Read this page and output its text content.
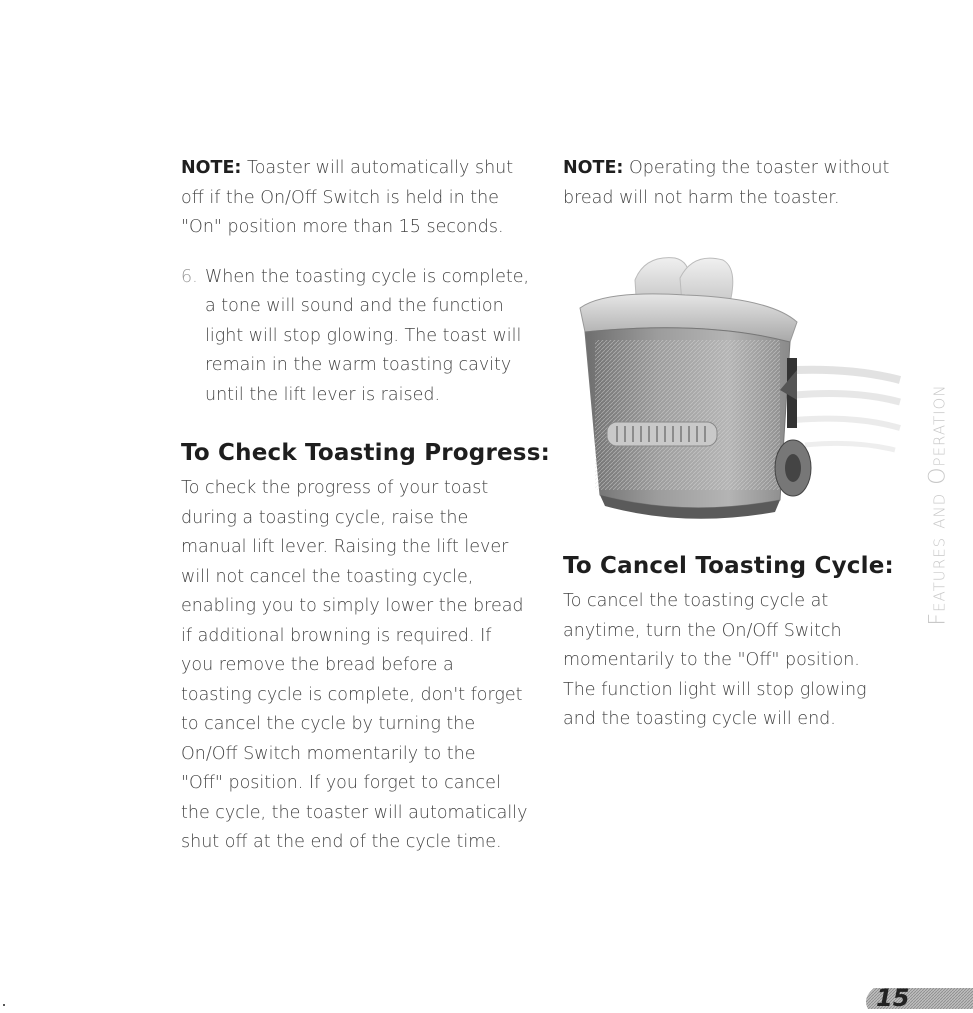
NOTE: Toaster will automatically shut
off if the On/Off Switch is held in the
"On" position more than 15 seconds.
6. When the toasting cycle is complete,
a tone will sound and the function
light will stop glowing. The toast will
remain in the warm toasting cavity
until the lift lever is raised.
To Check Toasting Progress:
To check the progress of your toast
during a toasting cycle, raise the
manual lift lever. Raising the lift lever
will not cancel the toasting cycle,
enabling you to simply lower the bread
if additional browning is required. If
you remove the bread before a
toasting cycle is complete, don't forget
to cancel the cycle by turning the
On/Off Switch momentarily to the
"Off" position. If you forget to cancel
the cycle, the toaster will automatically
shut off at the end of the cycle time.
NOTE: Operating the toaster without
bread will not harm the toaster.
To Cancel Toasting Cycle:
To cancel the toasting cycle at
anytime, turn the On/Off Switch
momentarily to the "Off" position.
The function light will stop glowing
and the toasting cycle will end.
Features and Operation
15
